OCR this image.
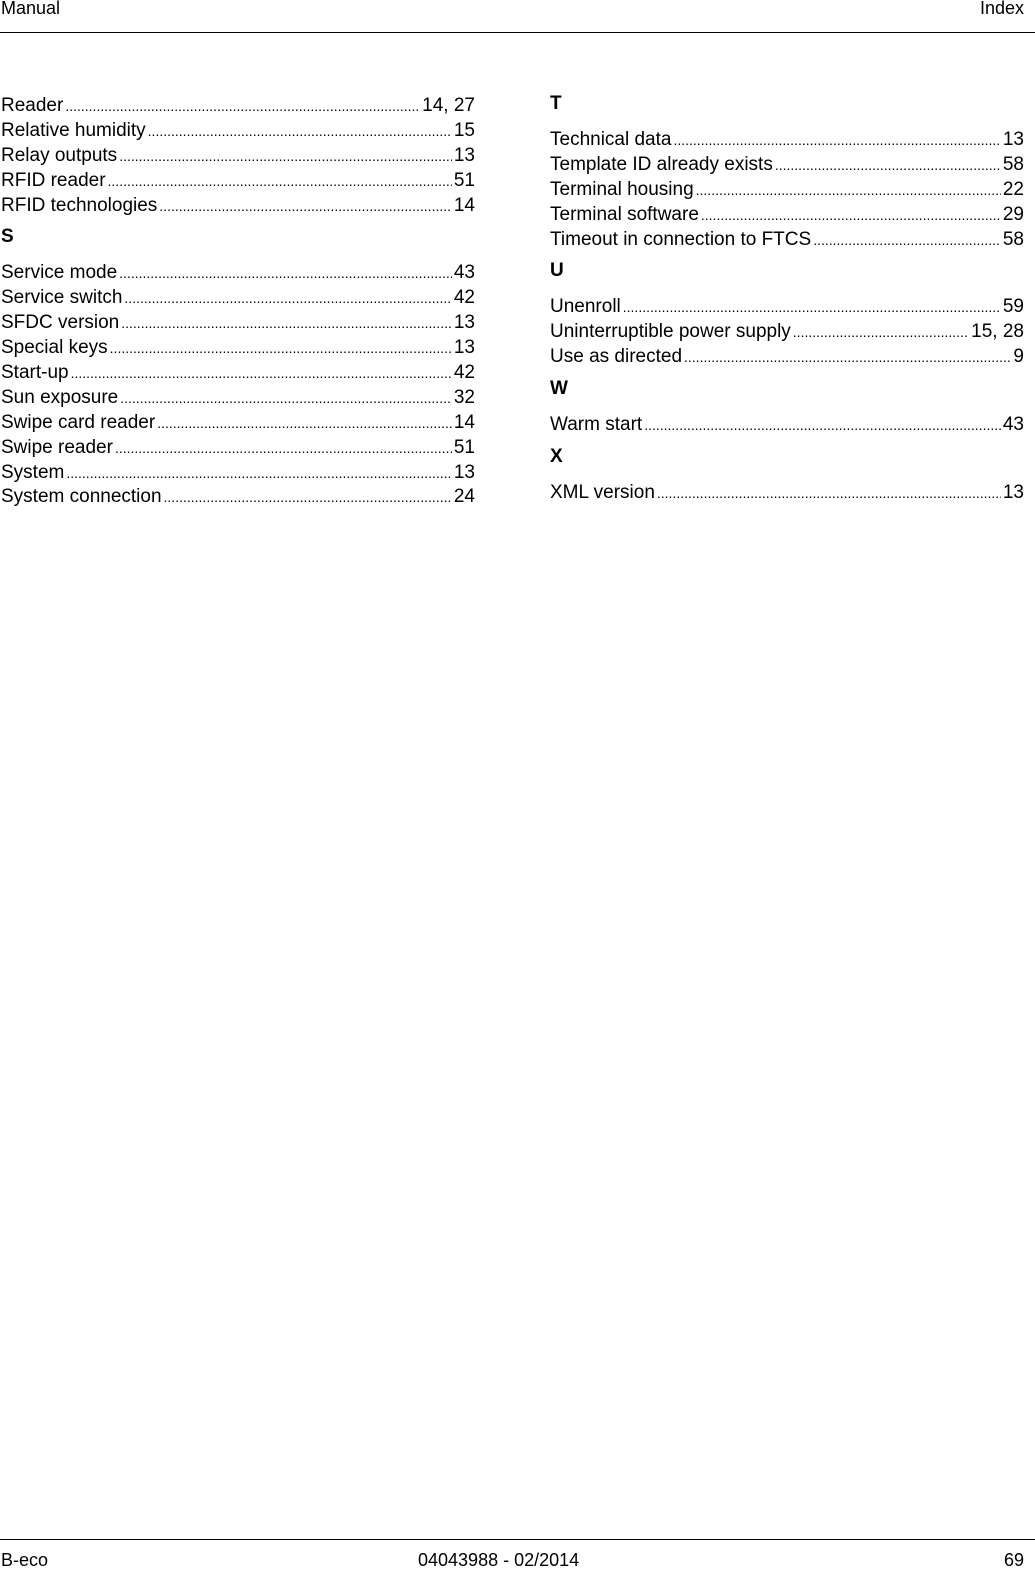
Manual	Index
Reader .....	14, 27
Relative humidity .....	15
Relay outputs .....	13
RFID reader .....	51
RFID technologies .....	14
S
Service mode .....	43
Service switch .....	42
SFDC version .....	13
Special keys .....	13
Start-up .....	42
Sun exposure .....	32
Swipe card reader .....	14
Swipe reader .....	51
System .....	13
System connection .....	24
T
Technical data .....	13
Template ID already exists .....	58
Terminal housing .....	22
Terminal software .....	29
Timeout in connection to FTCS .....	58
U
Unenroll .....	59
Uninterruptible power supply .....	15, 28
Use as directed .....	9
W
Warm start .....	43
X
XML version .....	13
B-eco	04043988 - 02/2014	69
